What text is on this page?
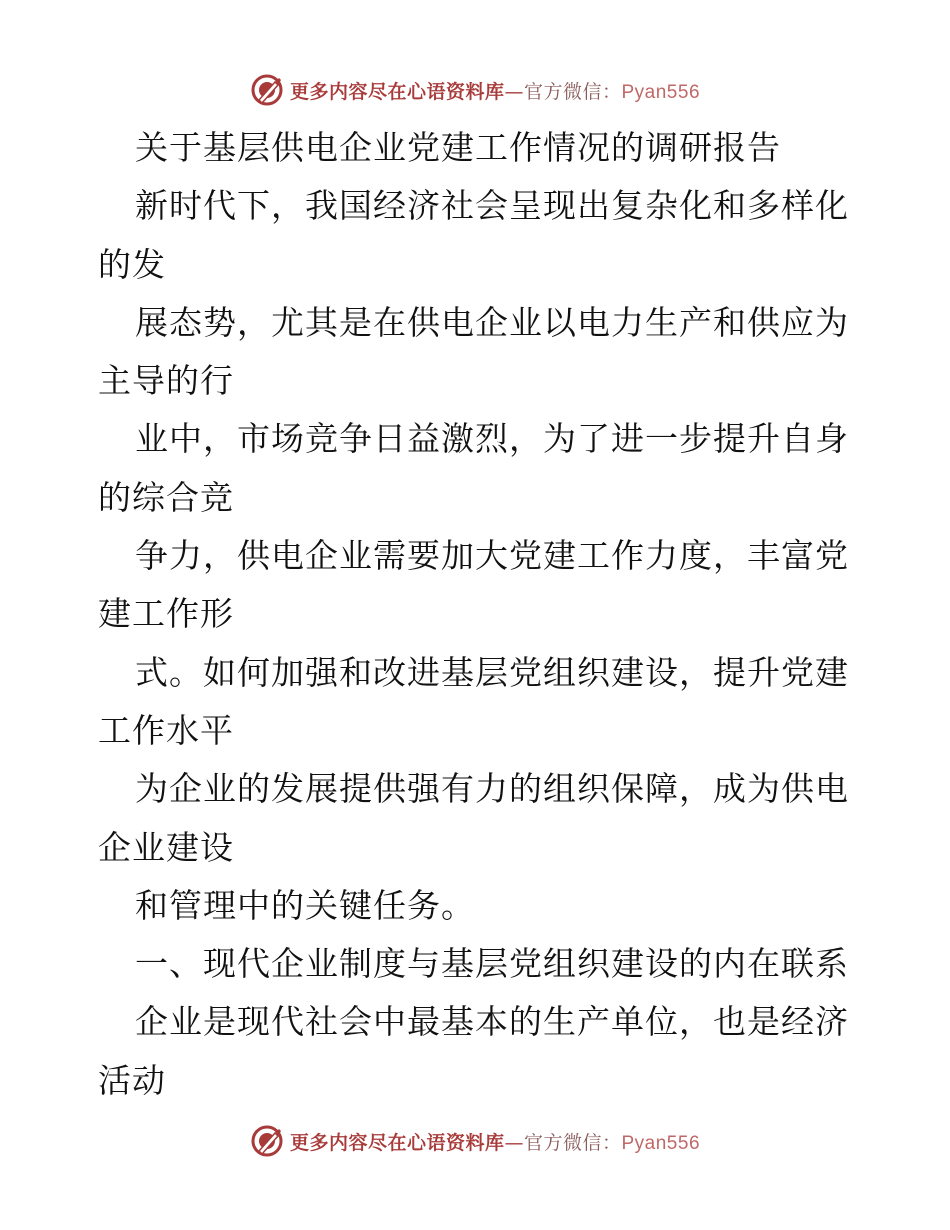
更多内容尽在心语资料库—官方微信：Pyan556
关于基层供电企业党建工作情况的调研报告
新时代下，我国经济社会呈现出复杂化和多样化
的发
展态势，尤其是在供电企业以电力生产和供应为
主导的行
业中，市场竞争日益激烈，为了进一步提升自身
的综合竞
争力，供电企业需要加大党建工作力度，丰富党
建工作形
式。如何加强和改进基层党组织建设，提升党建
工作水平
为企业的发展提供强有力的组织保障，成为供电
企业建设
和管理中的关键任务。
一、现代企业制度与基层党组织建设的内在联系
企业是现代社会中最基本的生产单位，也是经济
活动
更多内容尽在心语资料库—官方微信：Pyan556
